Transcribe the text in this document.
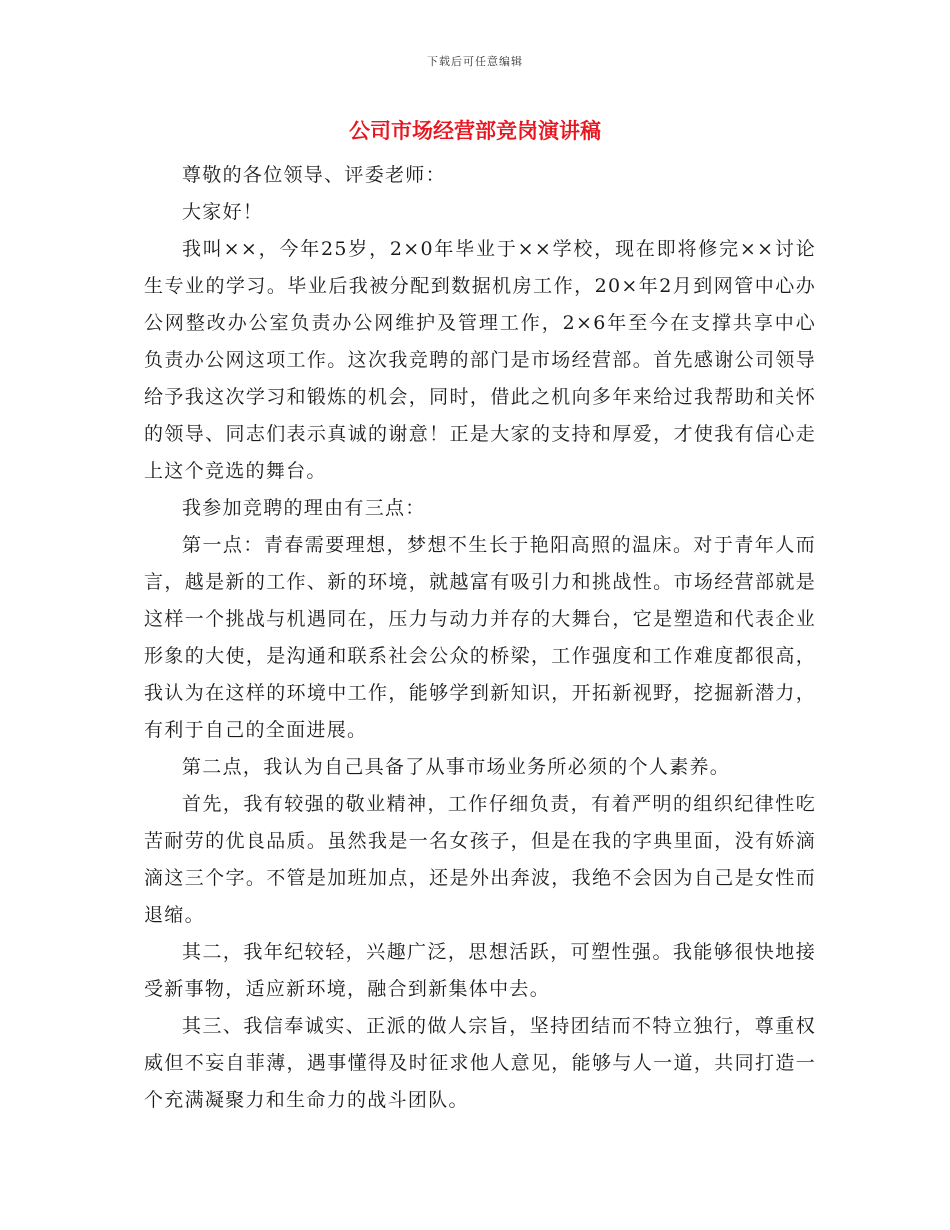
下载后可任意编辑
公司市场经营部竞岗演讲稿

尊敬的各位领导、评委老师：

大家好！

我叫××，今年25岁，2×0年毕业于××学校，现在即将修完××讨论生专业的学习。毕业后我被分配到数据机房工作，20×年2月到网管中心办公网整改办公室负责办公网维护及管理工作，2×6年至今在支撑共享中心负责办公网这项工作。这次我竞聘的部门是市场经营部。首先感谢公司领导给予我这次学习和锻炼的机会，同时，借此之机向多年来给过我帮助和关怀的领导、同志们表示真诚的谢意！正是大家的支持和厚爱，才使我有信心走上这个竞选的舞台。

我参加竞聘的理由有三点：

第一点：青春需要理想，梦想不生长于艳阳高照的温床。对于青年人而言，越是新的工作、新的环境，就越富有吸引力和挑战性。市场经营部就是这样一个挑战与机遇同在，压力与动力并存的大舞台，它是塑造和代表企业形象的大使，是沟通和联系社会公众的桥梁，工作强度和工作难度都很高，我认为在这样的环境中工作，能够学到新知识，开拓新视野，挖掘新潜力，有利于自己的全面进展。

第二点，我认为自己具备了从事市场业务所必须的个人素养。

首先，我有较强的敬业精神，工作仔细负责，有着严明的组织纪律性吃苦耐劳的优良品质。虽然我是一名女孩子，但是在我的字典里面，没有娇滴滴这三个字。不管是加班加点，还是外出奔波，我绝不会因为自己是女性而退缩。

其二，我年纪较轻，兴趣广泛，思想活跃，可塑性强。我能够很快地接受新事物，适应新环境，融合到新集体中去。

其三、我信奉诚实、正派的做人宗旨，坚持团结而不特立独行，尊重权威但不妄自菲薄，遇事懂得及时征求他人意见，能够与人一道，共同打造一个充满凝聚力和生命力的战斗团队。
